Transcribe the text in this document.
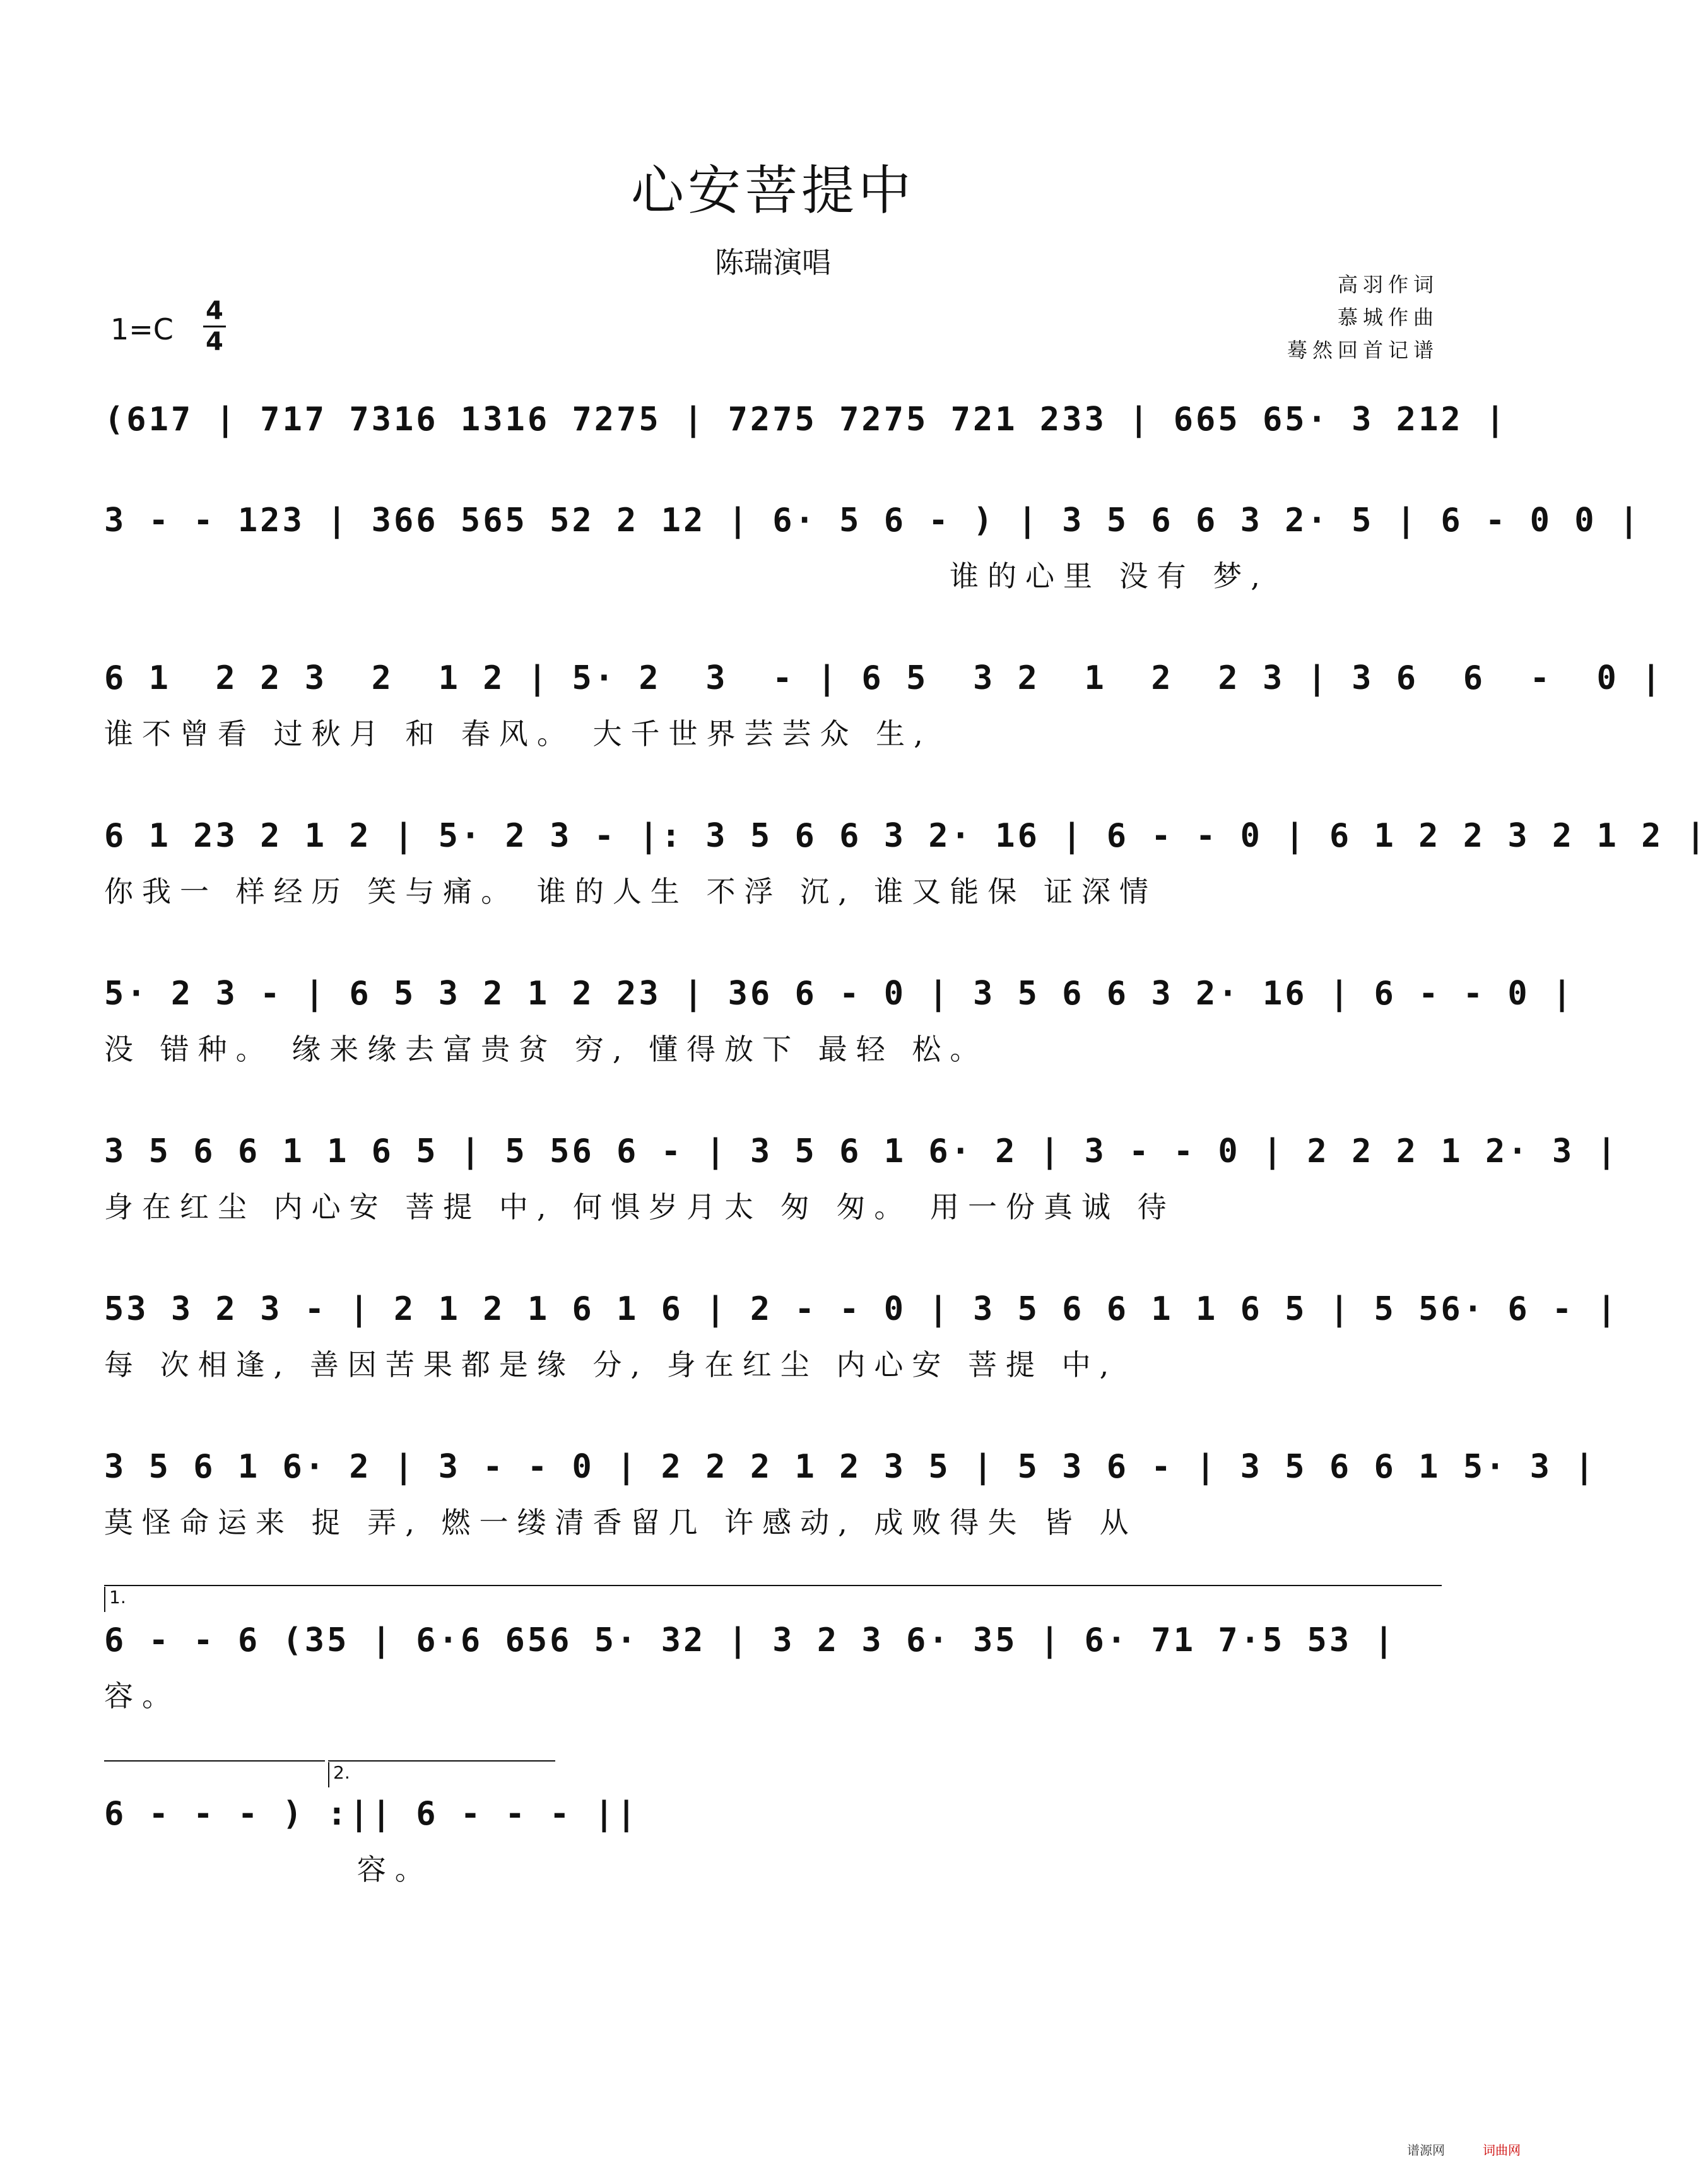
心安菩提中
陈瑞演唱
高羽作词
慕城作曲
蓦然回首记谱
$1=C \frac{4}{4}$
(617 | 717 7316 1316 7275 | 7275 7275 721 233 | 665 65· 3 212 |
3 - - 123 | 366 565 52 2 12 | 6· 5 6 - ) | 3 5 6 6 3 2· 5 | 6 - 0 0 |
谁的心里 没有 梦,
6 1  2 2 3  2  1 2 | 5· 2  3  - | 6 5  3 2  1  2  2 3 | 3 6  6  -  0 |
谁不曾看 过秋月 和 春风。 大千世界芸芸众 生,
6 1 23 2 1 2 | 5· 2 3 - |: 3 5 6 6 3 2· 16 | 6 - - 0 | 6 1 2 2 3 2 1 2 |
你我一 样经历 笑与痛。 谁的人生 不浮 沉, 谁又能保 证深情
5· 2 3 - | 6 5 3 2 1 2 23 | 36 6 - 0 | 3 5 6 6 3 2· 16 | 6 - - 0 |
没 错种。 缘来缘去富贵贫 穷, 懂得放下 最轻 松。
3 5 6 6 1 1 6 5 | 5 56 6 - | 3 5 6 1 6· 2 | 3 - - 0 | 2 2 2 1 2· 3 |
身在红尘 内心安 菩提 中, 何惧岁月太 匆 匆。 用一份真诚 待
53 3 2 3 - | 2 1 2 1 6 1 6 | 2 - - 0 | 3 5 6 6 1 1 6 5 | 5 56· 6 - |
每 次相逢, 善因苦果都是缘 分, 身在红尘 内心安 菩提 中,
3 5 6 1 6· 2 | 3 - - 0 | 2 2 2 1 2 3 5 | 5 3 6 - | 3 5 6 6 1 5· 3 |
莫怪命运来 捉 弄, 燃一缕清香留几 许感动, 成败得失 皆 从
1.
6 - - 6 (35 | 6·6 656 5· 32 | 3 2 3 6· 35 | 6· 71 7·5 53 |
容。
2.
6 - - - ) :|| 6 - - - ||
容。
谱源网	词曲网
